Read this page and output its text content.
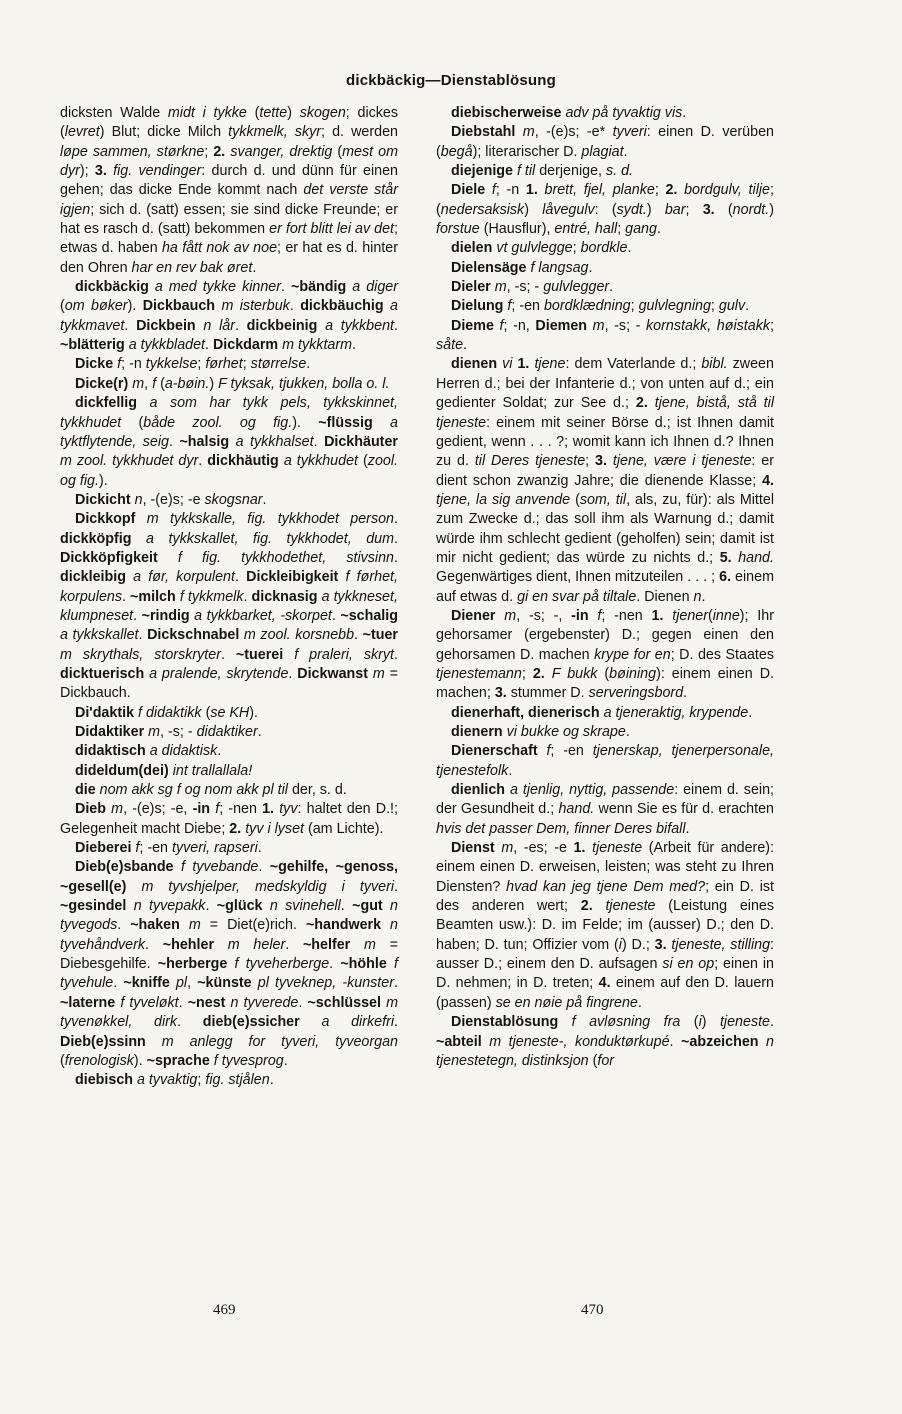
dickbäckig—Dienstablösung

dicksten Walde midt i tykke (tette) skogen; dickes (levret) Blut; dicke Milch tykkmelk, skyr; d. werden løpe sammen, størkne; 2. svanger, drektig (mest om dyr); 3. fig. vendinger: durch d. und dünn für einen gehen; das dicke Ende kommt nach det verste står igjen; sich d. (satt) essen; sie sind dicke Freunde; er hat es rasch d. (satt) bekommen er fort blitt lei av det; etwas d. haben ha fått nok av noe; er hat es d. hinter den Ohren har en rev bak øret.

dickbäckig a med tykke kinner. ~bändig a diger (om bøker). Dickbauch m isterbuk. dickbäuchig a tykkmavet. Dickbein n lår. dickbeinig a tykkbent. ~blätterig a tykkbladet. Dickdarm m tykktarm.

Dicke f; -n tykkelse; førhet; størrelse.

Dicke(r) m, f (a-bøin.) F tyksak, tjukken, bolla o. l.

dickfellig a som har tykk pels, tykkskinnet, tykkhudet (både zool. og fig.). ~flüssig a tyktflytende, seig. ~halsig a tykkhalset. Dickhäuter m zool. tykkhudet dyr. dickhäutig a tykkhudet (zool. og fig.).

Dickicht n, -(e)s; -e skogsnar.

Dickkopf m tykkskalle, fig. tykkhodet person. dickköpfig a tykkskallet, fig. tykkhodet, dum. Dickköpfigkeit f fig. tykkhodethet, stivsinn. dickleibig a før, korpulent. Dickleibigkeit f førhet, korpulens. ~milch f tykkmelk. dicknasig a tykkneset, klumpneset. ~rindig a tykkbarket, -skorpet. ~schalig a tykkskallet. Dickschnabel m zool. korsnebb. ~tuer m skrythals, storskryter. ~tuerei f praleri, skryt. dicktuerisch a pralende, skrytende. Dickwanst m = Dickbauch.

Di'daktik f didaktikk (se KH).

Didaktiker m, -s; - didaktiker.

didaktisch a didaktisk.

dideldum(dei) int trallallala!

die nom akk sg f og nom akk pl til der, s. d.

Dieb m, -(e)s; -e, -in f; -nen 1. tyv: haltet den D.!; Gelegenheit macht Diebe; 2. tyv i lyset (am Lichte).

Dieberei f; -en tyveri, rapseri.

Dieb(e)sbande f tyvebande. ~gehilfe, ~genoss, ~gesell(e) m tyvshjelper, medskyldig i tyveri. ~gesindel n tyvepakk. ~glück n svinehell. ~gut n tyvegods. ~haken m = Diet(e)rich. ~handwerk n tyvehåndverk. ~hehler m heler. ~helfer m = Diebesgehilfe. ~herberge f tyveherberge. ~höhle f tyvehule. ~kniffe pl, ~künste pl tyveknep, -kunster. ~laterne f tyveløkt. ~nest n tyverede. ~schlüssel m tyvenøkkel, dirk. dieb(e)ssicher a dirkefri. Dieb(e)ssinn m anlegg for tyveri, tyveorgan (frenologisk). ~sprache f tyvesprog.

diebisch a tyvaktig; fig. stjålen.

diebischerweise adv på tyvaktig vis.

Diebstahl m, -(e)s; -e* tyveri: einen D. verüben (begå); literarischer D. plagiat.

diejenige f til derjenige, s. d.

Diele f; -n 1. brett, fjel, planke; 2. bordgulv, tilje; (nedersaksisk) låvegulv: (sydt.) bar; 3. (nordt.) forstue (Hausflur), entré, hall; gang.

dielen vt gulvlegge; bordkle.

Dielensäge f langsag.

Dieler m, -s; - gulvlegger.

Dielung f; -en bordklædning; gulvlegning; gulv.

Dieme f; -n, Diemen m, -s; - kornstakk, høistakk; såte.

dienen vi 1. tjene: dem Vaterlande d.; bibl. zween Herren d.; bei der Infanterie d.; von unten auf d.; ein gedienter Soldat; zur See d.; 2. tjene, bistå, stå til tjeneste: einem mit seiner Börse d.; ist Ihnen damit gedient, wenn . . . ?; womit kann ich Ihnen d.? Ihnen zu d. til Deres tjeneste; 3. tjene, være i tjeneste: er dient schon zwanzig Jahre; die dienende Klasse; 4. tjene, la sig anvende (som, til, als, zu, für): als Mittel zum Zwecke d.; das soll ihm als Warnung d.; damit würde ihm schlecht gedient (geholfen) sein; damit ist mir nicht gedient; das würde zu nichts d.; 5. hand. Gegenwärtiges dient, Ihnen mitzuteilen . . . ; 6. einem auf etwas d. gi en svar på tiltale. Dienen n.

Diener m, -s; -, -in f; -nen 1. tjener(inne); Ihr gehorsamer (ergebenster) D.; gegen einen den gehorsamen D. machen krype for en; D. des Staates tjenestemann; 2. F bukk (bøining): einem einen D. machen; 3. stummer D. serveringsbord.

dienerhaft, dienerisch a tjeneraktig, krypende.

dienern vi bukke og skrape.

Dienerschaft f; -en tjenerskap, tjenerpersonale, tjenestefolk.

dienlich a tjenlig, nyttig, passende: einem d. sein; der Gesundheit d.; hand. wenn Sie es für d. erachten hvis det passer Dem, finner Deres bifall.

Dienst m, -es; -e 1. tjeneste (Arbeit für andere): einem einen D. erweisen, leisten; was steht zu Ihren Diensten? hvad kan jeg tjene Dem med?; ein D. ist des anderen wert; 2. tjeneste (Leistung eines Beamten usw.): D. im Felde; im (ausser) D.; den D. haben; D. tun; Offizier vom (i) D.; 3. tjeneste, stilling: ausser D.; einem den D. aufsagen si en op; einen in D. nehmen; in D. treten; 4. einem auf den D. lauern (passen) se en nøie på fingrene.

Dienstablösung f avløsning fra (i) tjeneste. ~abteil m tjeneste-, konduktørkupé. ~abzeichen n tjenestetegn, distinksjon (for

469	470
